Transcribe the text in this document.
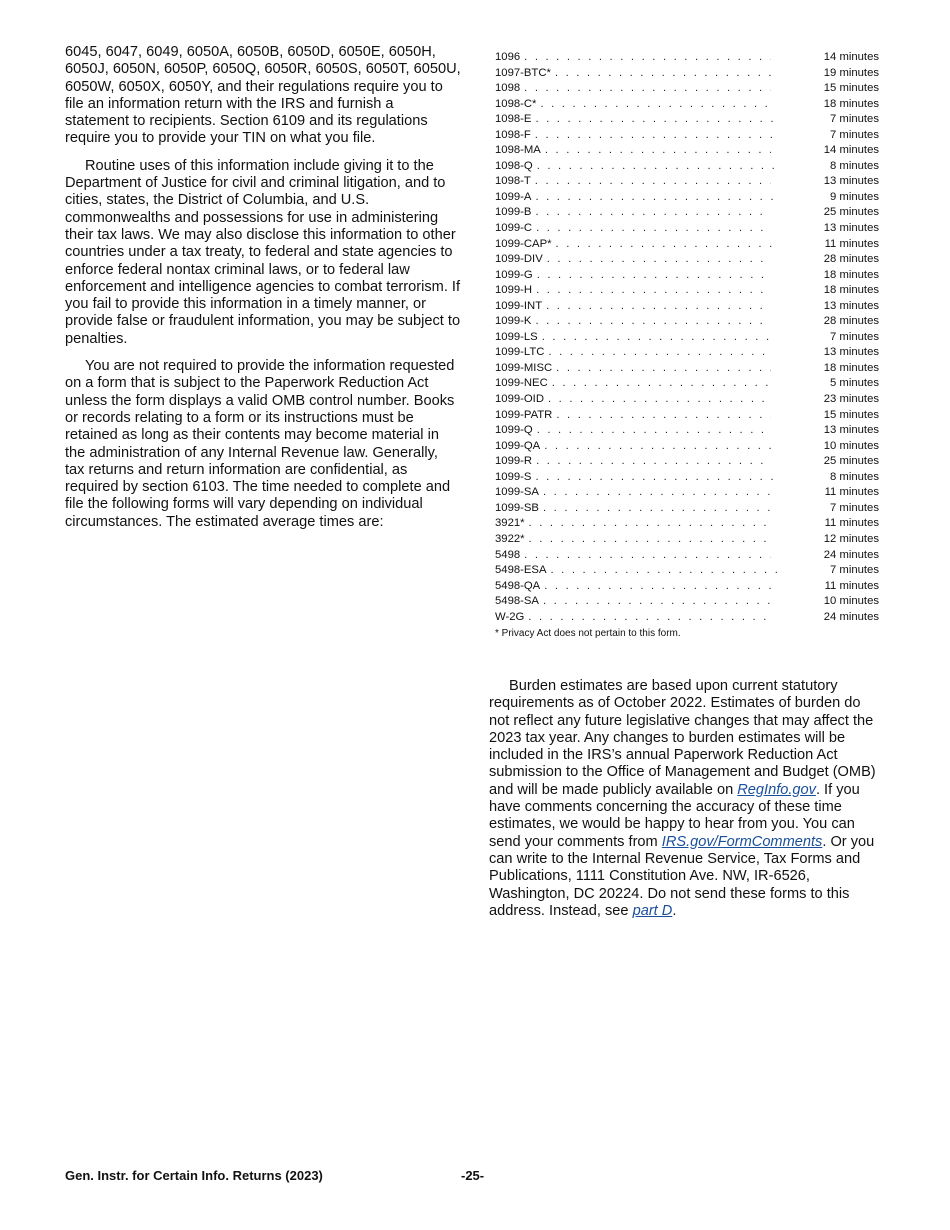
6045, 6047, 6049, 6050A, 6050B, 6050D, 6050E, 6050H, 6050J, 6050N, 6050P, 6050Q, 6050R, 6050S, 6050T, 6050U, 6050W, 6050X, 6050Y, and their regulations require you to file an information return with the IRS and furnish a statement to recipients. Section 6109 and its regulations require you to provide your TIN on what you file.

Routine uses of this information include giving it to the Department of Justice for civil and criminal litigation, and to cities, states, the District of Columbia, and U.S. commonwealths and possessions for use in administering their tax laws. We may also disclose this information to other countries under a tax treaty, to federal and state agencies to enforce federal nontax criminal laws, or to federal law enforcement and intelligence agencies to combat terrorism. If you fail to provide this information in a timely manner, or provide false or fraudulent information, you may be subject to penalties.

You are not required to provide the information requested on a form that is subject to the Paperwork Reduction Act unless the form displays a valid OMB control number. Books or records relating to a form or its instructions must be retained as long as their contents may become material in the administration of any Internal Revenue law. Generally, tax returns and return information are confidential, as required by section 6103. The time needed to complete and file the following forms will vary depending on individual circumstances. The estimated average times are:

1096 . . .	14 minutes
1097-BTC* . . .	19 minutes
1098 . . .	15 minutes
1098-C* . . .	18 minutes
1098-E . . .	7 minutes
1098-F . . .	7 minutes
1098-MA . . .	14 minutes
1098-Q . . .	8 minutes
1098-T . . .	13 minutes
1099-A . . .	9 minutes
1099-B . . .	25 minutes
1099-C . . .	13 minutes
1099-CAP* . . .	11 minutes
1099-DIV . . .	28 minutes
1099-G . . .	18 minutes
1099-H . . .	18 minutes
1099-INT . . .	13 minutes
1099-K . . .	28 minutes
1099-LS . . .	7 minutes
1099-LTC . . .	13 minutes
1099-MISC . . .	18 minutes
1099-NEC . . .	5 minutes
1099-OID . . .	23 minutes
1099-PATR . . .	15 minutes
1099-Q . . .	13 minutes
1099-QA . . .	10 minutes
1099-R . . .	25 minutes
1099-S . . .	8 minutes
1099-SA . . .	11 minutes
1099-SB . . .	7 minutes
3921* . . .	11 minutes
3922* . . .	12 minutes
5498 . . .	24 minutes
5498-ESA . . .	7 minutes
5498-QA . . .	11 minutes
5498-SA . . .	10 minutes
W-2G . . .	24 minutes
* Privacy Act does not pertain to this form.

Burden estimates are based upon current statutory requirements as of October 2022. Estimates of burden do not reflect any future legislative changes that may affect the 2023 tax year. Any changes to burden estimates will be included in the IRS’s annual Paperwork Reduction Act submission to the Office of Management and Budget (OMB) and will be made publicly available on RegInfo.gov. If you have comments concerning the accuracy of these time estimates, we would be happy to hear from you. You can send your comments from IRS.gov/FormComments. Or you can write to the Internal Revenue Service, Tax Forms and Publications, 1111 Constitution Ave. NW, IR-6526, Washington, DC 20224. Do not send these forms to this address. Instead, see part D.

Gen. Instr. for Certain Info. Returns (2023)	-25-
